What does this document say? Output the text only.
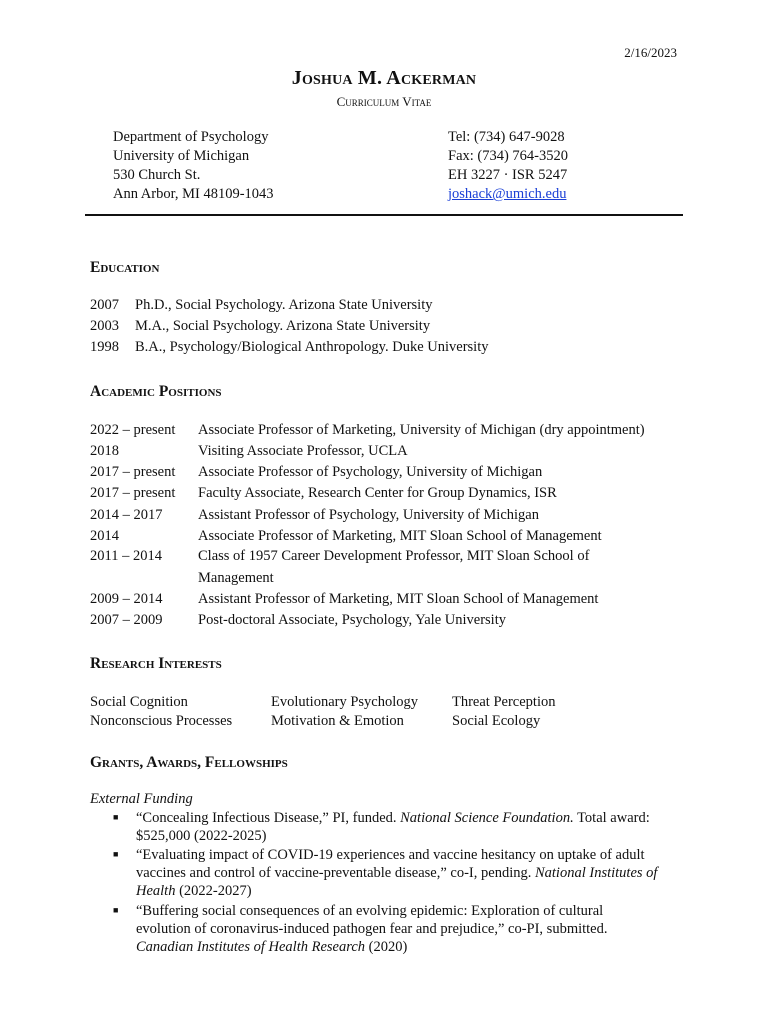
2/16/2023
Joshua M. Ackerman
Curriculum Vitae
Department of Psychology
University of Michigan
530 Church St.
Ann Arbor, MI 48109-1043
Tel: (734) 647-9028
Fax: (734) 764-3520
EH 3227 · ISR 5247
joshack@umich.edu
Education
2007 Ph.D., Social Psychology. Arizona State University
2003 M.A., Social Psychology. Arizona State University
1998 B.A., Psychology/Biological Anthropology. Duke University
Academic Positions
2022 – present Associate Professor of Marketing, University of Michigan (dry appointment)
2018	Visiting Associate Professor, UCLA
2017 – present Associate Professor of Psychology, University of Michigan
2017 – present Faculty Associate, Research Center for Group Dynamics, ISR
2014 – 2017 Assistant Professor of Psychology, University of Michigan
2014	Associate Professor of Marketing, MIT Sloan School of Management
2011 – 2014 Class of 1957 Career Development Professor, MIT Sloan School of
Management
2009 – 2014 Assistant Professor of Marketing, MIT Sloan School of Management
2007 – 2009 Post-doctoral Associate, Psychology, Yale University
Research Interests
Social Cognition
Nonconscious Processes
Evolutionary Psychology
Motivation & Emotion
Threat Perception
Social Ecology
Grants, Awards, Fellowships
External Funding
■ “Concealing Infectious Disease,” PI, funded. National Science Foundation. Total award:
$525,000 (2022-2025)
■ “Evaluating impact of COVID-19 experiences and vaccine hesitancy on uptake of adult
vaccines and control of vaccine-preventable disease,” co-I, pending. National Institutes of
Health (2022-2027)
■ “Buffering social consequences of an evolving epidemic: Exploration of cultural
evolution of coronavirus-induced pathogen fear and prejudice,” co-PI, submitted.
Canadian Institutes of Health Research (2020)
